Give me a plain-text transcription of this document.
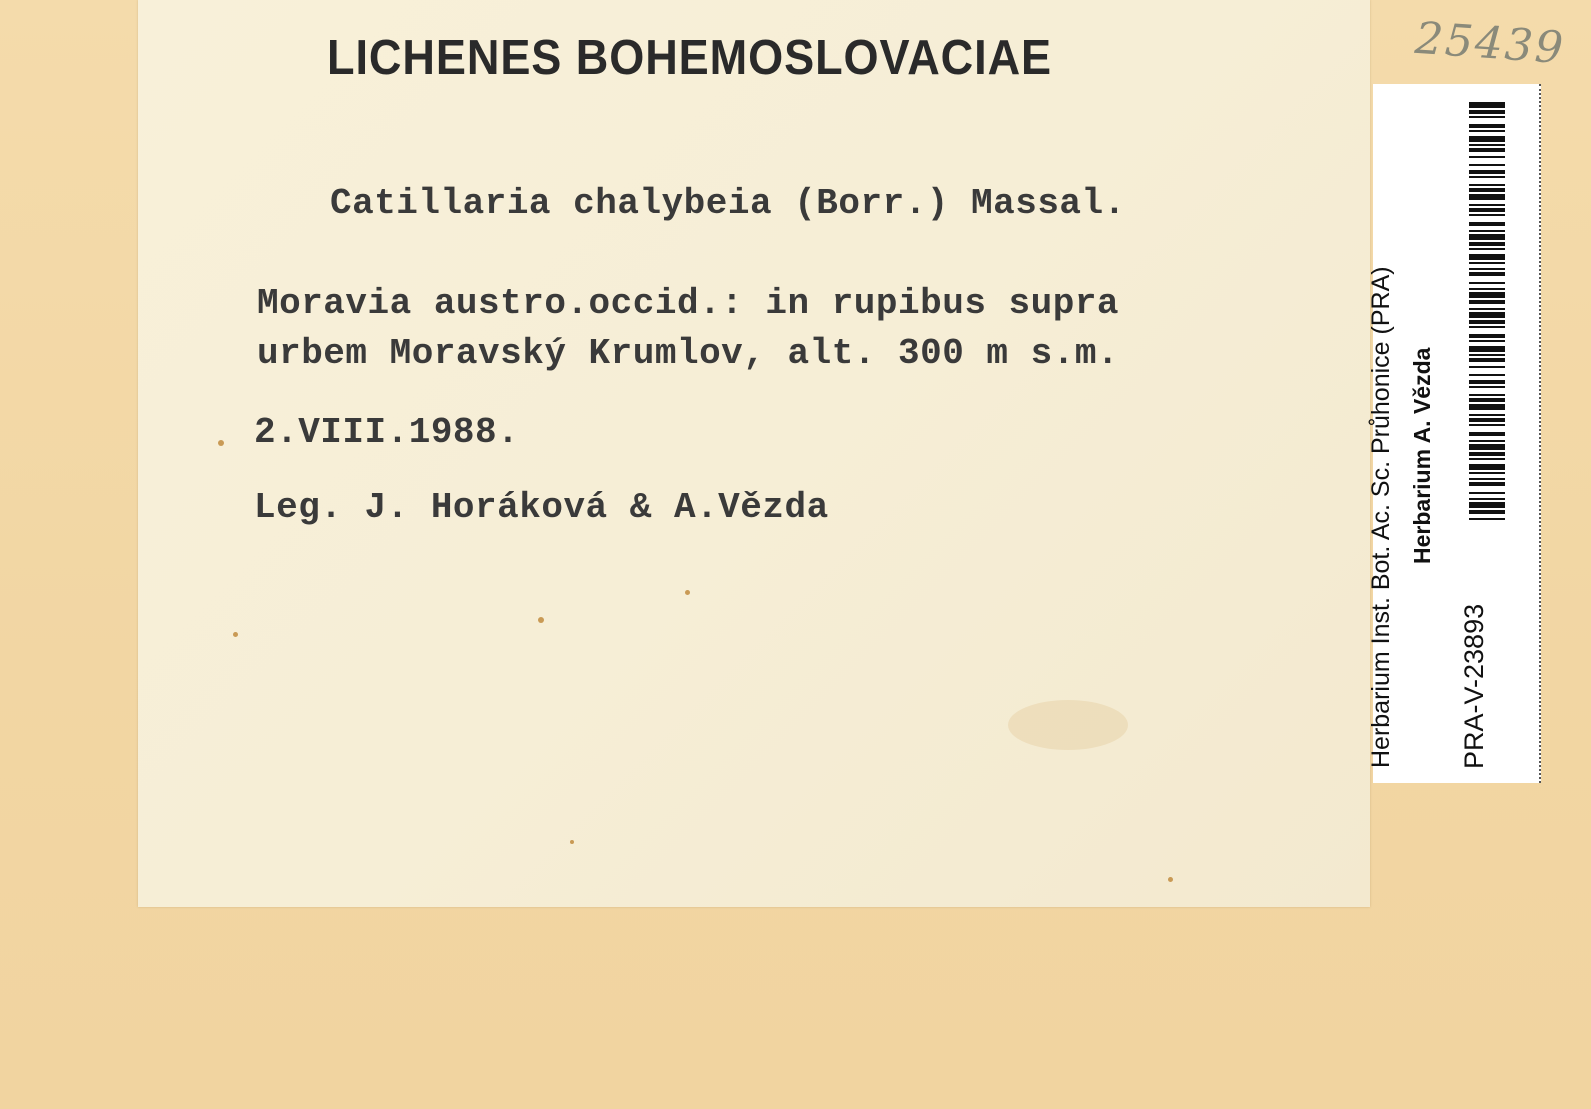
LICHENES BOHEMOSLOVACIAE
Catillaria chalybeia (Borr.) Massal.
Moravia austro.occid.: in rupibus supra
urbem Moravský Krumlov, alt. 300 m s.m.
2.VIII.1988.
Leg. J. Horáková & A.Vězda
25439
Herbarium Inst. Bot. Ac. Sc. Průhonice (PRA) Herbarium A. Vězda
PRA-V-23893
